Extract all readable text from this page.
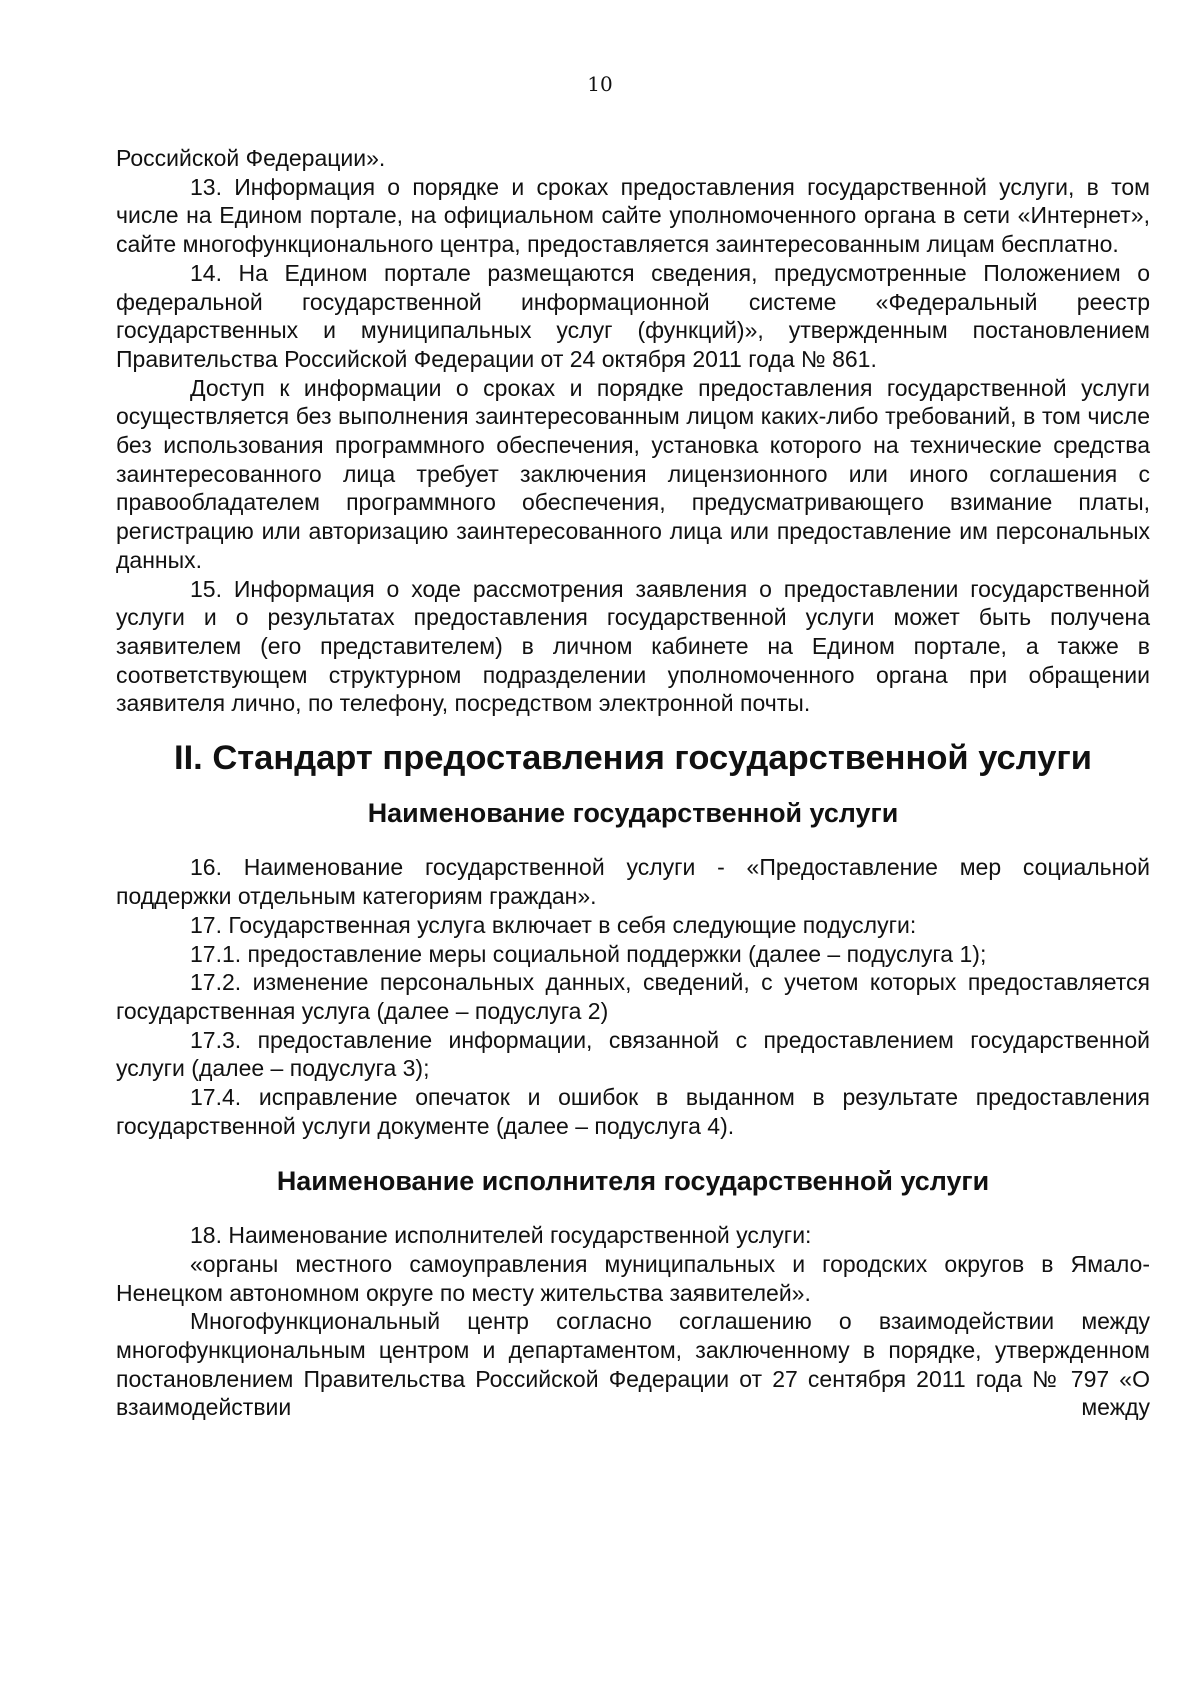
10

Российской Федерации».

13. Информация о порядке и сроках предоставления государственной услуги, в том числе на Едином портале, на официальном сайте уполномоченного органа в сети «Интернет», сайте многофункционального центра, предоставляется заинтересованным лицам бесплатно.

14. На Едином портале размещаются сведения, предусмотренные Положением о федеральной государственной информационной системе «Федеральный реестр государственных и муниципальных услуг (функций)», утвержденным постановлением Правительства Российской Федерации от 24 октября 2011 года № 861.

Доступ к информации о сроках и порядке предоставления государственной услуги осуществляется без выполнения заинтересованным лицом каких-либо требований, в том числе без использования программного обеспечения, установка которого на технические средства заинтересованного лица требует заключения лицензионного или иного соглашения с правообладателем программного обеспечения, предусматривающего взимание платы, регистрацию или авторизацию заинтересованного лица или предоставление им персональных данных.

15. Информация о ходе рассмотрения заявления о предоставлении государственной услуги и о результатах предоставления государственной услуги может быть получена заявителем (его представителем) в личном кабинете на Едином портале, а также в соответствующем структурном подразделении уполномоченного органа при обращении заявителя лично, по телефону, посредством электронной почты.

II. Стандарт предоставления государственной услуги
Наименование государственной услуги

16. Наименование государственной услуги - «Предоставление мер социальной поддержки отдельным категориям граждан».

17. Государственная услуга включает в себя следующие подуслуги:

17.1. предоставление меры социальной поддержки (далее – подуслуга 1);

17.2. изменение персональных данных, сведений, с учетом которых предоставляется государственная услуга (далее – подуслуга 2)

17.3. предоставление информации, связанной с предоставлением государственной услуги (далее – подуслуга 3);

17.4. исправление опечаток и ошибок в выданном в результате предоставления государственной услуги документе (далее – подуслуга 4).

Наименование исполнителя государственной услуги

18. Наименование исполнителей государственной услуги:

«органы местного самоуправления муниципальных и городских округов в Ямало-Ненецком автономном округе по месту жительства заявителей».

Многофункциональный центр согласно соглашению о взаимодействии между многофункциональным центром и департаментом, заключенному в порядке, утвержденном постановлением Правительства Российской Федерации от 27 сентября 2011 года № 797 «О взаимодействии между
